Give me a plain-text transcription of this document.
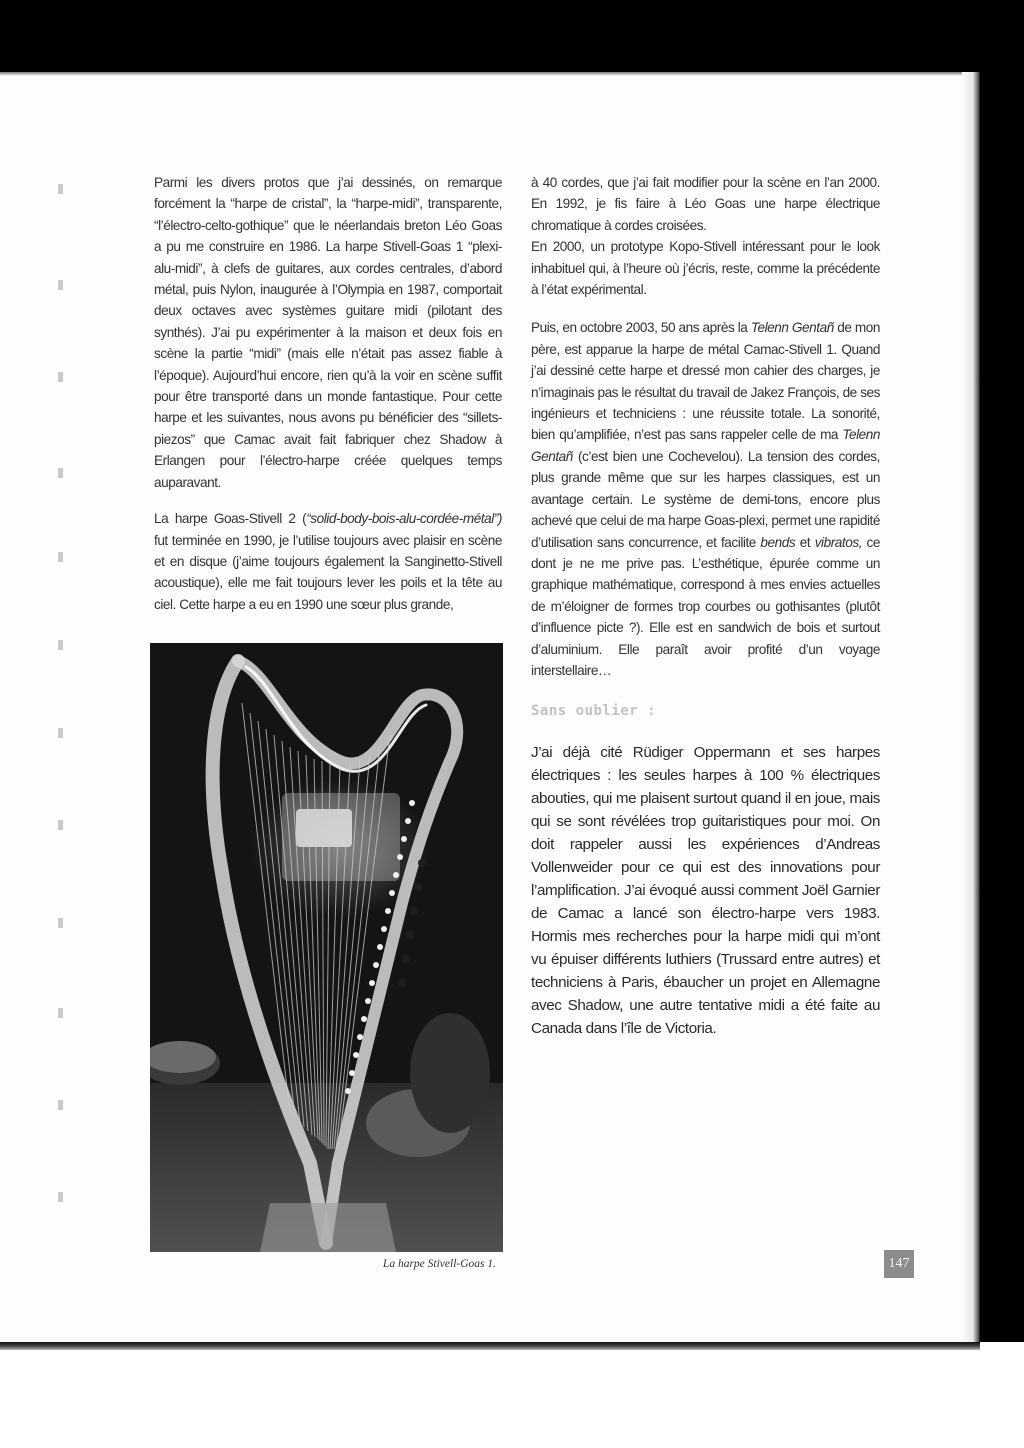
Parmi les divers protos que j’ai dessinés, on remarque forcément la “harpe de cristal”, la “harpe-midi”, transparente, “l’électro-celto-gothique” que le néerlandais breton Léo Goas a pu me construire en 1986. La harpe Stivell-Goas 1 “plexi-alu-midi”, à clefs de guitares, aux cordes centrales, d’abord métal, puis Nylon, inaugurée à l’Olympia en 1987, comportait deux octaves avec systèmes guitare midi (pilotant des synthés). J’ai pu expérimenter à la maison et deux fois en scène la partie “midi” (mais elle n’était pas assez fiable à l’époque). Aujourd’hui encore, rien qu’à la voir en scène suffit pour être transporté dans un monde fantastique. Pour cette harpe et les suivantes, nous avons pu bénéficier des “sillets-piezos” que Camac avait fait fabriquer chez Shadow à Erlangen pour l’électro-harpe créée quelques temps auparavant.

La harpe Goas-Stivell 2 (“solid-body-bois-alu-cordée-métal”) fut terminée en 1990, je l’utilise toujours avec plaisir en scène et en disque (j’aime toujours également la Sanginetto-Stivell acoustique), elle me fait toujours lever les poils et la tête au ciel. Cette harpe a eu en 1990 une sœur plus grande,

La harpe Stivell-Goas 1.

à 40 cordes, que j’ai fait modifier pour la scène en l’an 2000. En 1992, je fis faire à Léo Goas une harpe électrique chromatique à cordes croisées.

En 2000, un prototype Kopo-Stivell intéressant pour le look inhabituel qui, à l’heure où j’écris, reste, comme la précédente à l’état expérimental.

Puis, en octobre 2003, 50 ans après la Telenn Gentañ de mon père, est apparue la harpe de métal Camac-Stivell 1. Quand j’ai dessiné cette harpe et dressé mon cahier des charges, je n’imaginais pas le résultat du travail de Jakez François, de ses ingénieurs et techniciens : une réussite totale. La sonorité, bien qu’amplifiée, n’est pas sans rappeler celle de ma Telenn Gentañ (c’est bien une Cochevelou). La tension des cordes, plus grande même que sur les harpes classiques, est un avantage certain. Le système de demi-tons, encore plus achevé que celui de ma harpe Goas-plexi, permet une rapidité d’utilisation sans concurrence, et facilite bends et vibratos, ce dont je ne me prive pas. L’esthétique, épurée comme un graphique mathématique, correspond à mes envies actuelles de m’éloigner de formes trop courbes ou gothisantes (plutôt d’influence picte ?). Elle est en sandwich de bois et surtout d’aluminium. Elle paraît avoir profité d’un voyage interstellaire…

Sans oublier :

J’ai déjà cité Rüdiger Oppermann et ses harpes électriques : les seules harpes à 100 % électriques abouties, qui me plaisent surtout quand il en joue, mais qui se sont révélées trop guitaristiques pour moi. On doit rappeler aussi les expériences d’Andreas Vollenweider pour ce qui est des innovations pour l’amplification. J’ai évoqué aussi comment Joël Garnier de Camac a lancé son électro-harpe vers 1983. Hormis mes recherches pour la harpe midi qui m’ont vu épuiser différents luthiers (Trussard entre autres) et techniciens à Paris, ébaucher un projet en Allemagne avec Shadow, une autre tentative midi a été faite au Canada dans l’île de Victoria.

147
